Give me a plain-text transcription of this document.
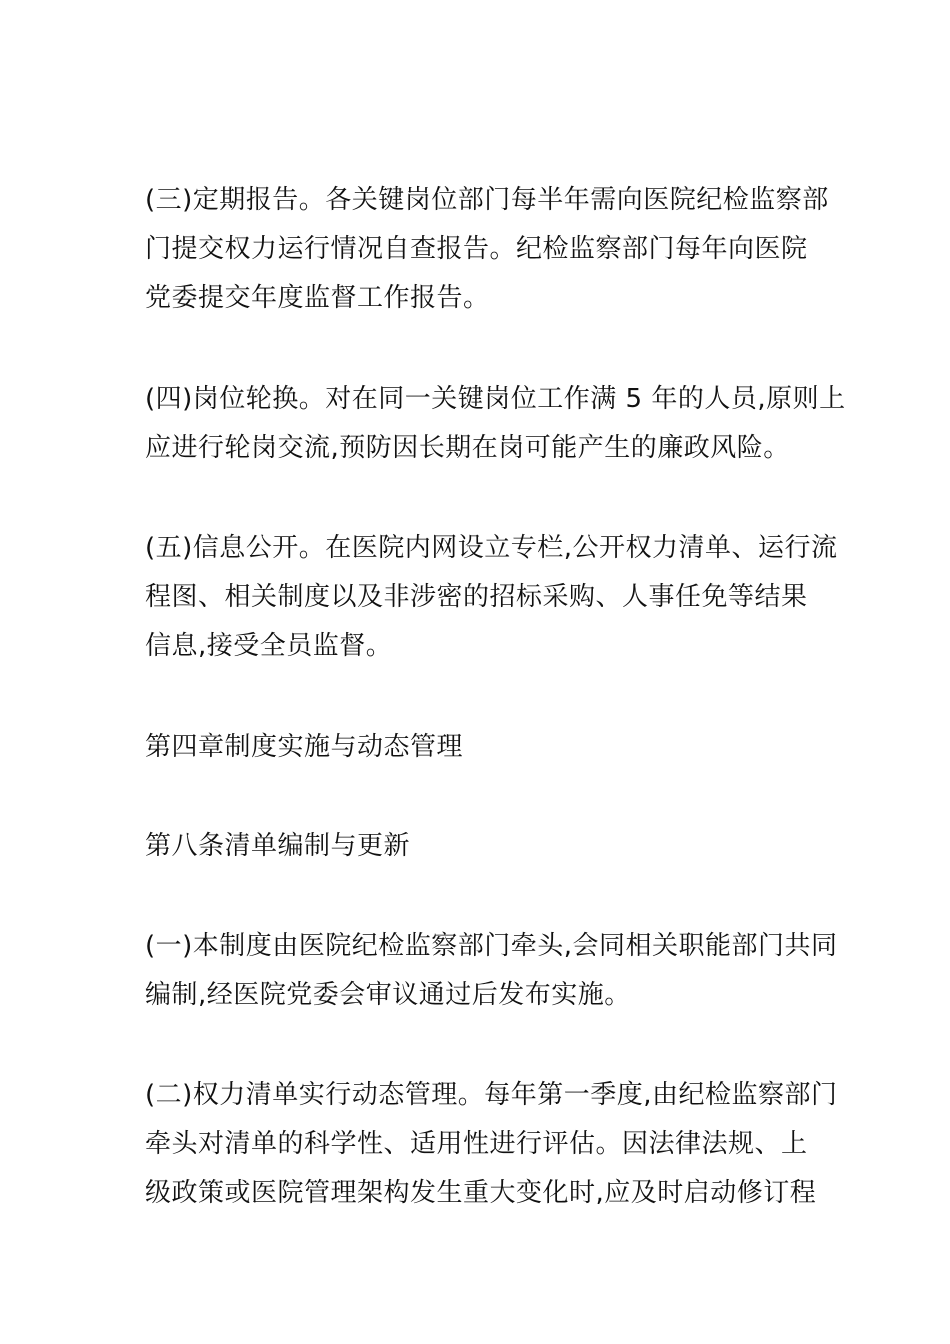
(三)定期报告。各关键岗位部门每半年需向医院纪检监察部
门提交权力运行情况自查报告。纪检监察部门每年向医院
党委提交年度监督工作报告。

(四)岗位轮换。对在同一关键岗位工作满 5 年的人员,原则上
应进行轮岗交流,预防因长期在岗可能产生的廉政风险。

(五)信息公开。在医院内网设立专栏,公开权力清单、运行流
程图、相关制度以及非涉密的招标采购、人事任免等结果
信息,接受全员监督。

第四章制度实施与动态管理

第八条清单编制与更新

(一)本制度由医院纪检监察部门牵头,会同相关职能部门共同
编制,经医院党委会审议通过后发布实施。

(二)权力清单实行动态管理。每年第一季度,由纪检监察部门
牵头对清单的科学性、适用性进行评估。因法律法规、上
级政策或医院管理架构发生重大变化时,应及时启动修订程
